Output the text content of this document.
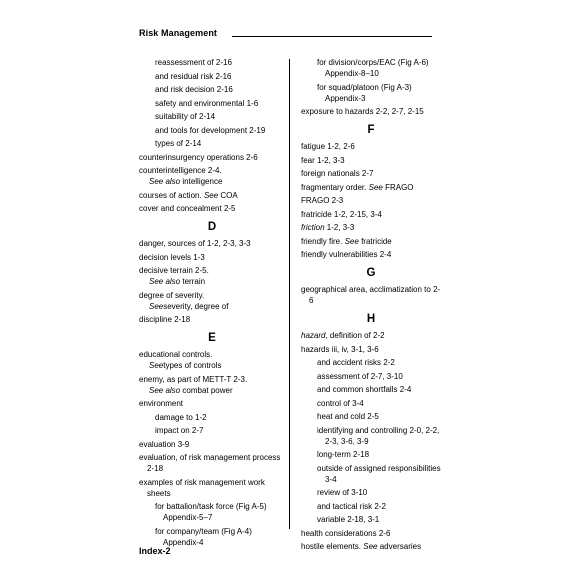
Risk Management
reassessment of 2-16
and residual risk 2-16
and risk decision 2-16
safety and environmental 1-6
suitability of 2-14
and tools for development 2-19
types of 2-14
counterinsurgency operations 2-6
counterintelligence 2-4.
See also intelligence
courses of action. See COA
cover and concealment 2-5
D
danger, sources of 1-2, 2-3, 3-3
decision levels 1-3
decisive terrain 2-5.
See also terrain
degree of severity.
Seeseverity, degree of
discipline 2-18
E
educational controls.
Seetypes of controls
enemy, as part of METT-T 2-3.
See also combat power
environment
damage to 1-2
impact on 2-7
evaluation 3-9
evaluation, of risk management process 2-18
examples of risk management work sheets
for battalion/task force (Fig A-5) Appendix-5–7
for company/team (Fig A-4) Appendix-4
for division/corps/EAC (Fig A-6) Appendix-8–10
for squad/platoon (Fig A-3) Appendix-3
exposure to hazards 2-2, 2-7, 2-15
F
fatigue 1-2, 2-6
fear 1-2, 3-3
foreign nationals 2-7
fragmentary order. See FRAGO
FRAGO 2-3
fratricide 1-2, 2-15, 3-4
friction 1-2, 3-3
friendly fire. See fratricide
friendly vulnerabilities 2-4
G
geographical area, acclimatization to 2-6
H
hazard, definition of 2-2
hazards iii, iv, 3-1, 3-6
and accident risks 2-2
assessment of 2-7, 3-10
and common shortfalls 2-4
control of 3-4
heat and cold 2-5
identifying and controlling 2-0, 2-2, 2-3, 3-6, 3-9
long-term 2-18
outside of assigned responsibilities 3-4
review of 3-10
and tactical risk 2-2
variable 2-18, 3-1
health considerations 2-6
hostile elements. See adversaries
Index-2
